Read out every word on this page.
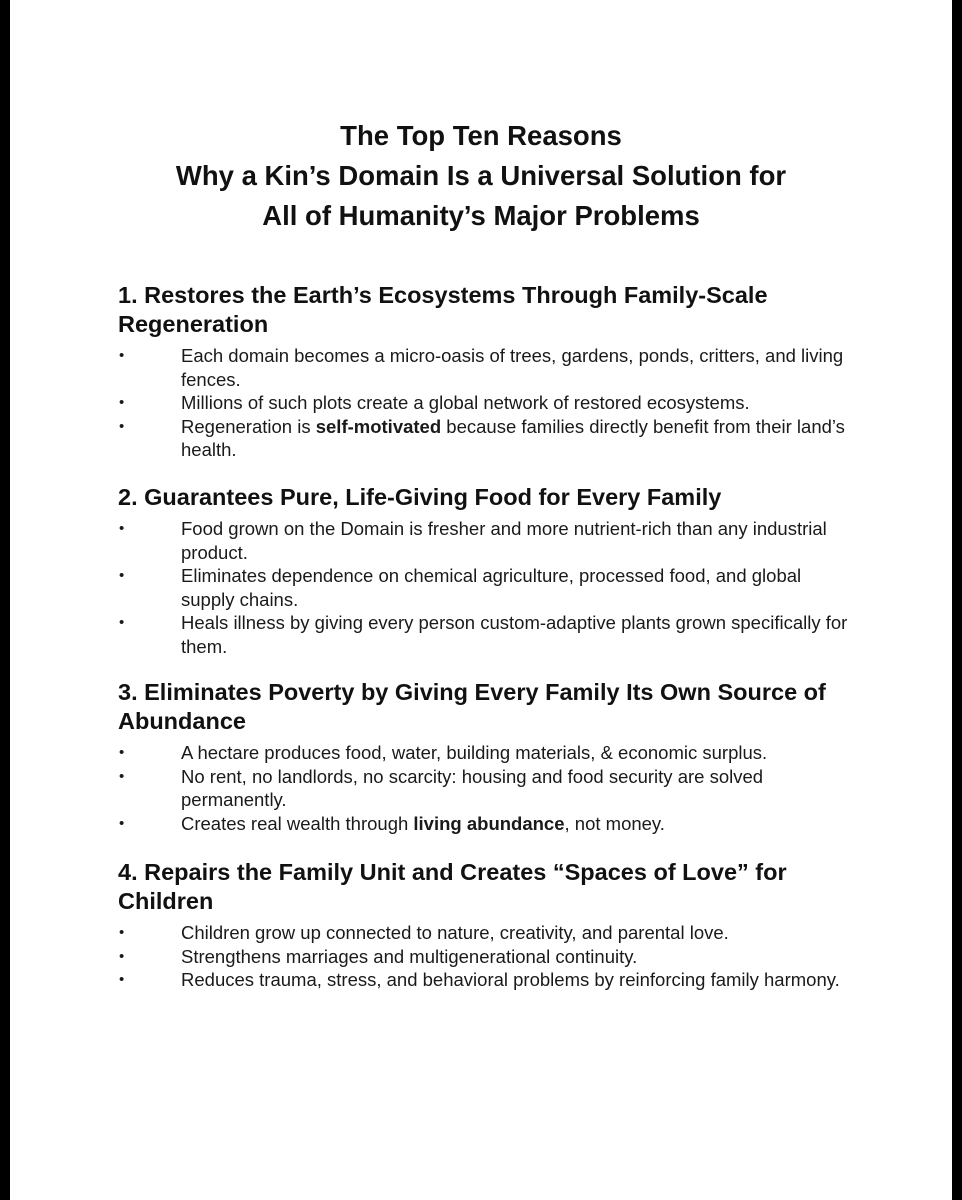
The Top Ten Reasons
Why a Kin’s Domain Is a Universal Solution for
All of Humanity’s Major Problems
1. Restores the Earth’s Ecosystems Through Family-Scale Regeneration
•	Each domain becomes a micro-oasis of trees, gardens, ponds, critters, and living fences.
•	Millions of such plots create a global network of restored ecosystems.
•	Regeneration is self-motivated because families directly benefit from their land’s health.
2. Guarantees Pure, Life-Giving Food for Every Family
•	Food grown on the Domain is fresher and more nutrient-rich than any industrial product.
•	Eliminates dependence on chemical agriculture, processed food, and global supply chains.
•	Heals illness by giving every person custom-adaptive plants grown specifically for them.
3. Eliminates Poverty by Giving Every Family Its Own Source of Abundance
•	A hectare produces food, water, building materials, & economic surplus.
•	No rent, no landlords, no scarcity: housing and food security are solved permanently.
•	Creates real wealth through living abundance, not money.
4. Repairs the Family Unit and Creates “Spaces of Love” for Children
•	Children grow up connected to nature, creativity, and parental love.
•	Strengthens marriages and multigenerational continuity.
•	Reduces trauma, stress, and behavioral problems by reinforcing family harmony.
